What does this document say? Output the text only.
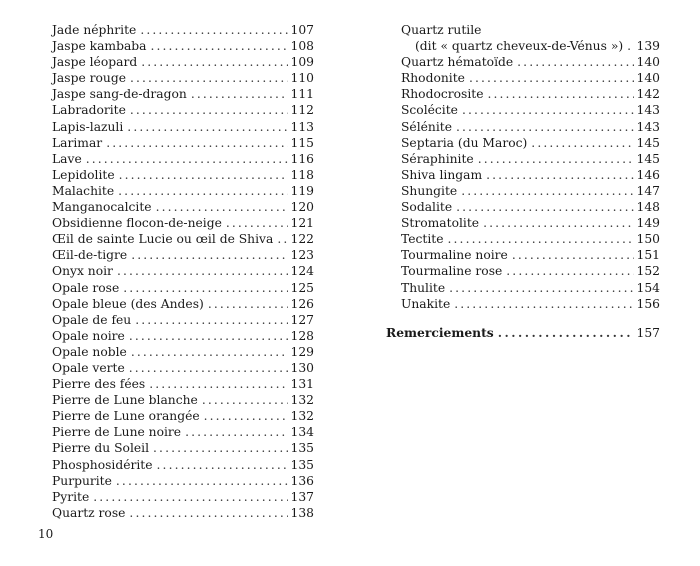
Jade néphrite . . .	107
Jaspe kambaba . . .	108
Jaspe léopard . . .	109
Jaspe rouge . . .	110
Jaspe sang-de-dragon . . .	111
Labradorite . . .	112
Lapis-lazuli . . .	113
Larimar . . .	115
Lave . . .	116
Lepidolite . . .	118
Malachite . . .	119
Manganocalcite . . .	120
Obsidienne flocon-de-neige . . .	121
Œil de sainte Lucie ou œil de Shiva . . . 122
Œil-de-tigre . . .	123
Onyx noir . . .	124
Opale rose . . .	125
Opale bleue (des Andes) . . .	126
Opale de feu . . .	127
Opale noire . . .	128
Opale noble . . .	129
Opale verte . . .	130
Pierre des fées . . .	131
Pierre de Lune blanche . . .	132
Pierre de Lune orangée . . .	132
Pierre de Lune noire . . .	134
Pierre du Soleil . . .	135
Phosphosidérite . . .	135
Purpurite . . .	136
Pyrite . . .	137
Quartz rose . . .	138
Quartz rutile
(dit « quartz cheveux-de-Vénus ») . . . 139
Quartz hématoïde . . .	140
Rhodonite . . .	140
Rhodocrosite . . .	142
Scolécite . . .	143
Sélénite . . .	143
Septaria (du Maroc) . . .	145
Séraphinite . . .	145
Shiva lingam . . .	146
Shungite . . .	147
Sodalite . . .	148
Stromatolite . . .	149
Tectite . . .	150
Tourmaline noire . . .	151
Tourmaline rose . . .	152
Thulite . . .	154
Unakite . . .	156
Remerciements . . .	157
10
